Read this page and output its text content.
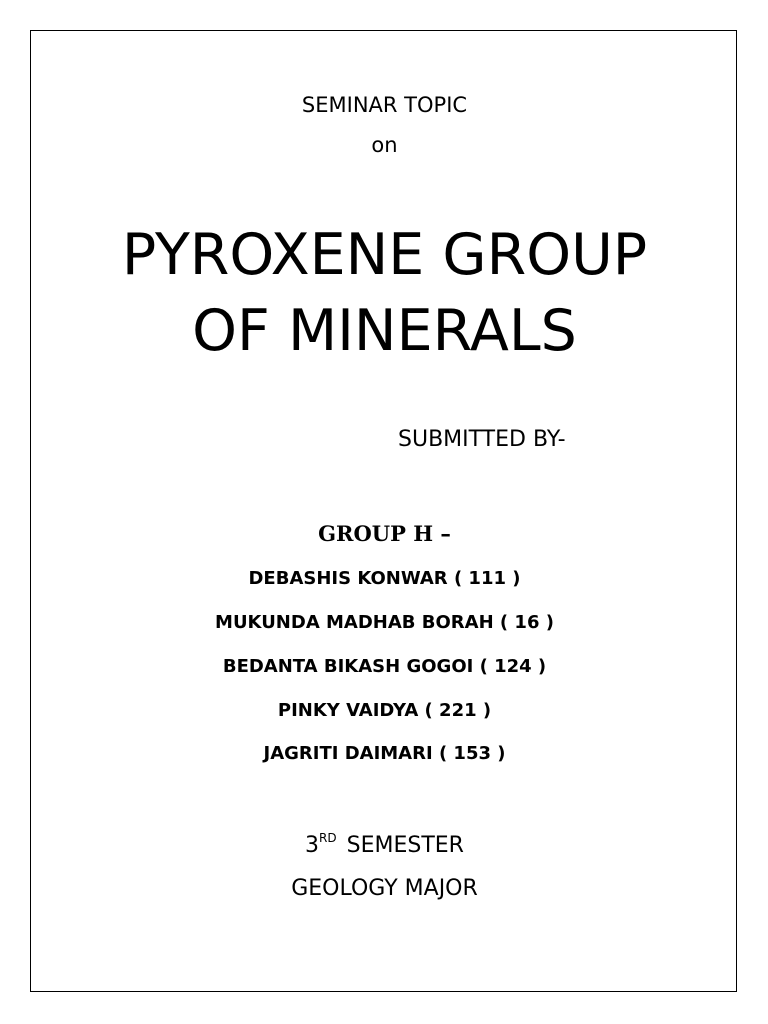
SEMINAR TOPIC
on
PYROXENE GROUP
OF MINERALS
SUBMITTED BY-
GROUP H –
DEBASHIS KONWAR ( 111 )
MUKUNDA MADHAB BORAH ( 16 )
BEDANTA BIKASH GOGOI ( 124 )
PINKY VAIDYA ( 221 )
JAGRITI DAIMARI ( 153 )
3RD SEMESTER
GEOLOGY MAJOR
